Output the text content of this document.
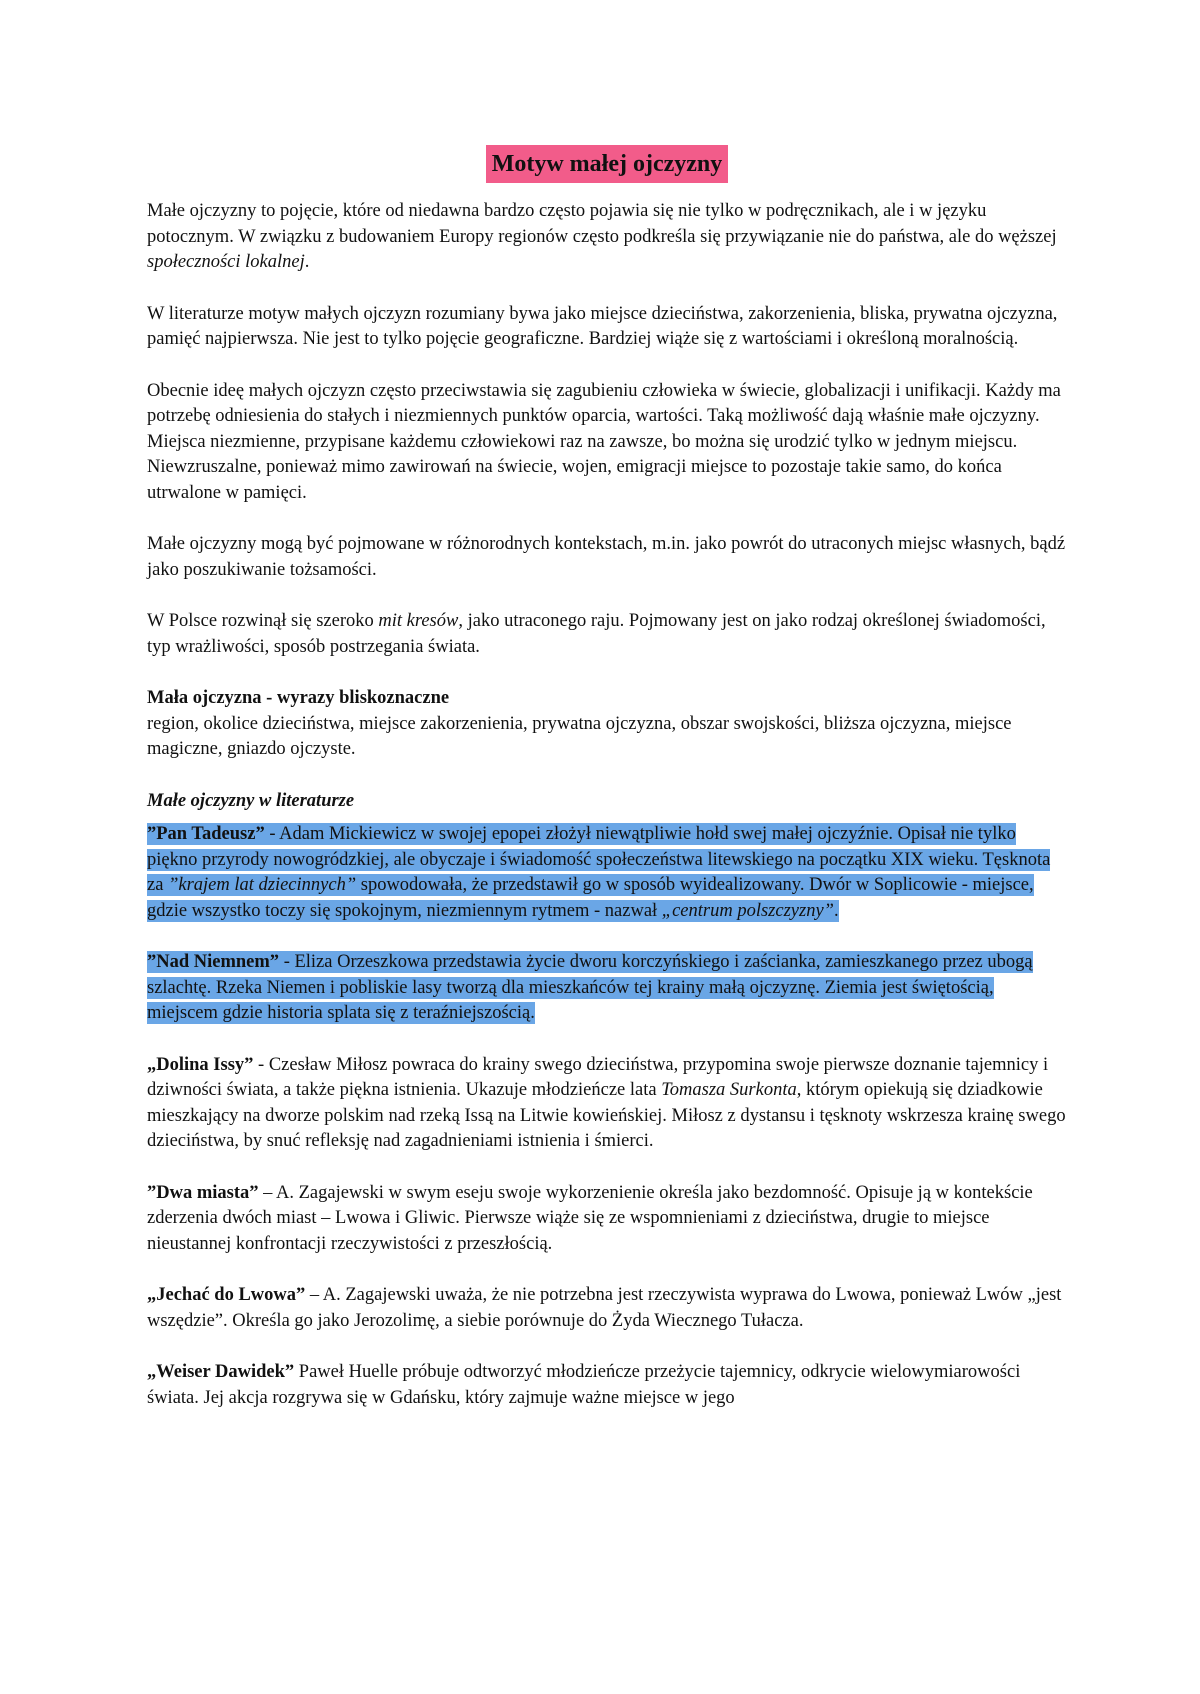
Motyw małej ojczyzny

Małe ojczyzny to pojęcie, które od niedawna bardzo często pojawia się nie tylko w podręcznikach, ale i w języku potocznym. W związku z budowaniem Europy regionów często podkreśla się przywiązanie nie do państwa, ale do węższej społeczności lokalnej.

W literaturze motyw małych ojczyzn rozumiany bywa jako miejsce dzieciństwa, zakorzenienia, bliska, prywatna ojczyzna, pamięć najpierwsza. Nie jest to tylko pojęcie geograficzne. Bardziej wiąże się z wartościami i określoną moralnością.

Obecnie ideę małych ojczyzn często przeciwstawia się zagubieniu człowieka w świecie, globalizacji i unifikacji. Każdy ma potrzebę odniesienia do stałych i niezmiennych punktów oparcia, wartości. Taką możliwość dają właśnie małe ojczyzny. Miejsca niezmienne, przypisane każdemu człowiekowi raz na zawsze, bo można się urodzić tylko w jednym miejscu. Niewzruszalne, ponieważ mimo zawirowań na świecie, wojen, emigracji miejsce to pozostaje takie samo, do końca utrwalone w pamięci.

Małe ojczyzny mogą być pojmowane w różnorodnych kontekstach, m.in. jako powrót do utraconych miejsc własnych, bądź jako poszukiwanie tożsamości.

W Polsce rozwinął się szeroko mit kresów, jako utraconego raju. Pojmowany jest on jako rodzaj określonej świadomości, typ wrażliwości, sposób postrzegania świata.

Mała ojczyzna - wyrazy bliskoznaczne
region, okolice dzieciństwa, miejsce zakorzenienia, prywatna ojczyzna, obszar swojskości, bliższa ojczyzna, miejsce magiczne, gniazdo ojczyste.

Małe ojczyzny w literaturze
”Pan Tadeusz” - Adam Mickiewicz w swojej epopei złożył niewątpliwie hołd swej małej ojczyźnie. Opisał nie tylko piękno przyrody nowogródzkiej, ale obyczaje i świadomość społeczeństwa litewskiego na początku XIX wieku. Tęsknota za ”krajem lat dziecinnych” spowodowała, że przedstawił go w sposób wyidealizowany. Dwór w Soplicowie - miejsce, gdzie wszystko toczy się spokojnym, niezmiennym rytmem - nazwał „centrum polszczyzny”.
”Nad Niemnem” - Eliza Orzeszkowa przedstawia życie dworu korczyńskiego i zaścianka, zamieszkanego przez ubogą szlachtę. Rzeka Niemen i pobliskie lasy tworzą dla mieszkańców tej krainy małą ojczyznę. Ziemia jest świętością, miejscem gdzie historia splata się z teraźniejszością.

„Dolina Issy” - Czesław Miłosz powraca do krainy swego dzieciństwa, przypomina swoje pierwsze doznanie tajemnicy i dziwności świata, a także piękna istnienia. Ukazuje młodzieńcze lata Tomasza Surkonta, którym opiekują się dziadkowie mieszkający na dworze polskim nad rzeką Issą na Litwie kowieńskiej. Miłosz z dystansu i tęsknoty wskrzesza krainę swego dzieciństwa, by snuć refleksję nad zagadnieniami istnienia i śmierci.

”Dwa miasta” – A. Zagajewski w swym eseju swoje wykorzenienie określa jako bezdomność. Opisuje ją w kontekście zderzenia dwóch miast – Lwowa i Gliwic. Pierwsze wiąże się ze wspomnieniami z dzieciństwa, drugie to miejsce nieustannej konfrontacji rzeczywistości z przeszłością.

„Jechać do Lwowa” – A. Zagajewski uważa, że nie potrzebna jest rzeczywista wyprawa do Lwowa, ponieważ Lwów „jest wszędzie”. Określa go jako Jerozolimę, a siebie porównuje do Żyda Wiecznego Tułacza.

„Weiser Dawidek” Paweł Huelle próbuje odtworzyć młodzieńcze przeżycie tajemnicy, odkrycie wielowymiarowości świata. Jej akcja rozgrywa się w Gdańsku, który zajmuje ważne miejsce w jego
